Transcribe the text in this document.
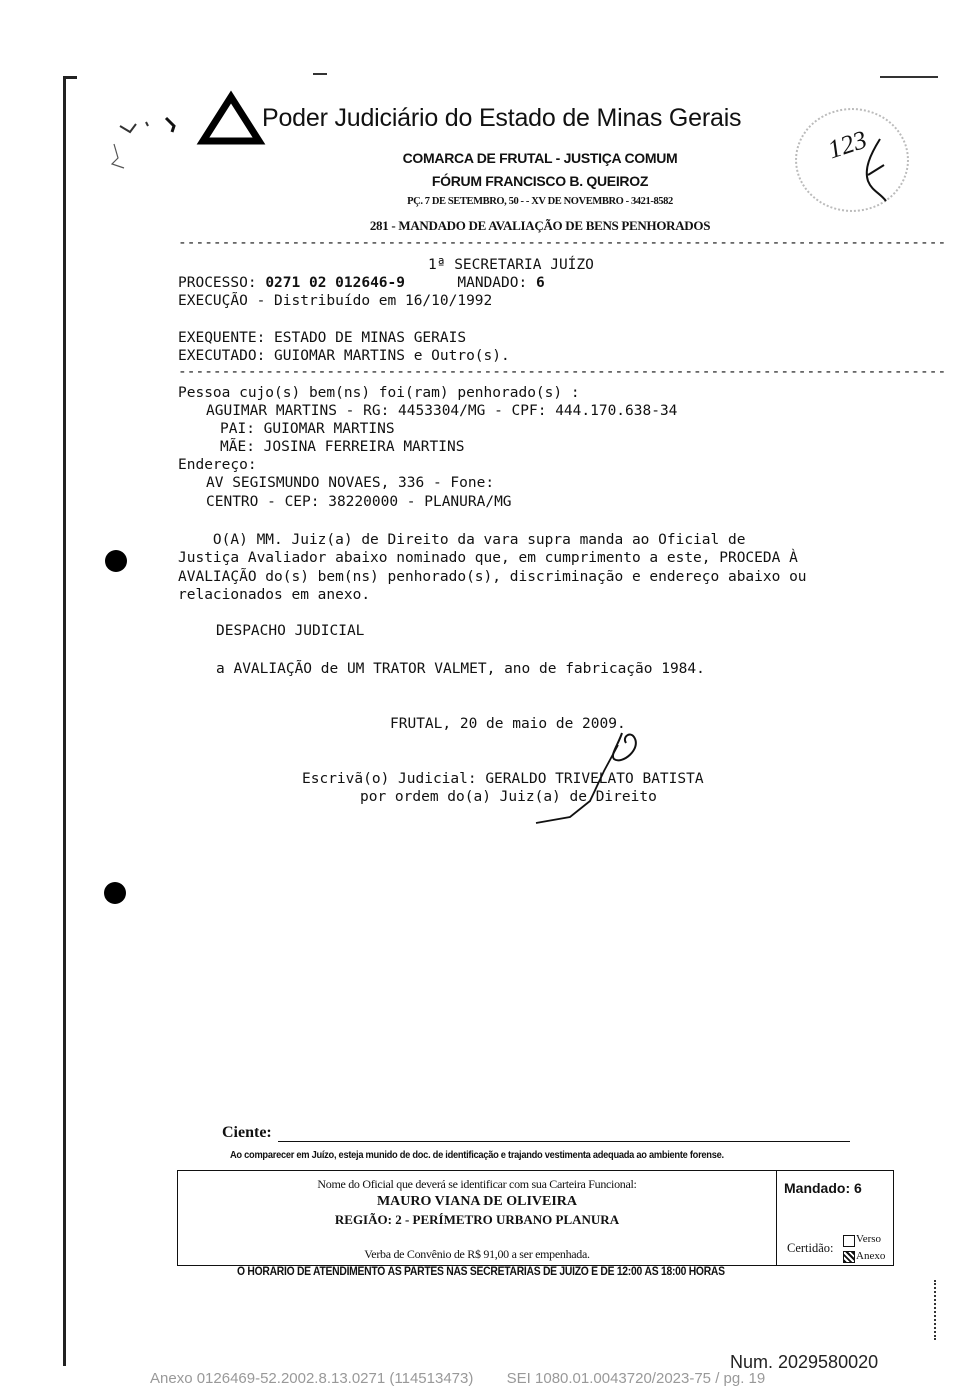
Poder Judiciário do Estado de Minas Gerais
123
COMARCA DE FRUTAL - JUSTIÇA COMUM
FÓRUM FRANCISCO B. QUEIROZ
PÇ. 7 DE SETEMBRO, 50 - - XV DE NOVEMBRO - 3421-8582
281 - MANDADO DE AVALIAÇÃO DE BENS PENHORADOS
----------------------------------------------------------------------------------------
1ª SECRETARIA JUÍZO
PROCESSO: 0271 02 012646-9	MANDADO: 6
EXECUÇÃO - Distribuído em 16/10/1992
EXEQUENTE: ESTADO DE MINAS GERAIS
EXECUTADO: GUIOMAR MARTINS e Outro(s).
----------------------------------------------------------------------------------------
Pessoa cujo(s) bem(ns) foi(ram) penhorado(s) :
AGUIMAR MARTINS - RG: 4453304/MG - CPF: 444.170.638-34
PAI: GUIOMAR MARTINS
MÃE: JOSINA FERREIRA MARTINS
Endereço:
AV SEGISMUNDO NOVAES, 336 - Fone:
CENTRO - CEP: 38220000 - PLANURA/MG
O(A) MM. Juiz(a) de Direito da vara supra manda ao Oficial de
Justiça Avaliador abaixo nominado que, em cumprimento a este, PROCEDA À
AVALIAÇÃO do(s) bem(ns) penhorado(s), discriminação e endereço abaixo ou
relacionados em anexo.
DESPACHO JUDICIAL
a AVALIAÇÃO de UM TRATOR VALMET, ano de fabricação 1984.
FRUTAL, 20 de maio de 2009.
Escrivã(o) Judicial: GERALDO TRIVELATO BATISTA
por ordem do(a) Juiz(a) de Direito
Ciente:
Ao comparecer em Juízo, esteja munido de doc. de identificação e trajando vestimenta adequada ao ambiente forense.
Nome do Oficial que deverá se identificar com sua Carteira Funcional:
MAURO VIANA DE OLIVEIRA
REGIÃO: 2 - PERÍMETRO URBANO PLANURA
Verba de Convênio de R$ 91,00 a ser empenhada.
Mandado: 6
Certidão:
Verso
Anexo
O HORÁRIO DE ATENDIMENTO ÀS PARTES NAS SECRETARIAS DE JUÍZO É DE 12:00 ÀS 18:00 HORAS
Num. 2029580020
Anexo 0126469-52.2002.8.13.0271 (114513473)        SEI 1080.01.0043720/2023-75 / pg. 19
